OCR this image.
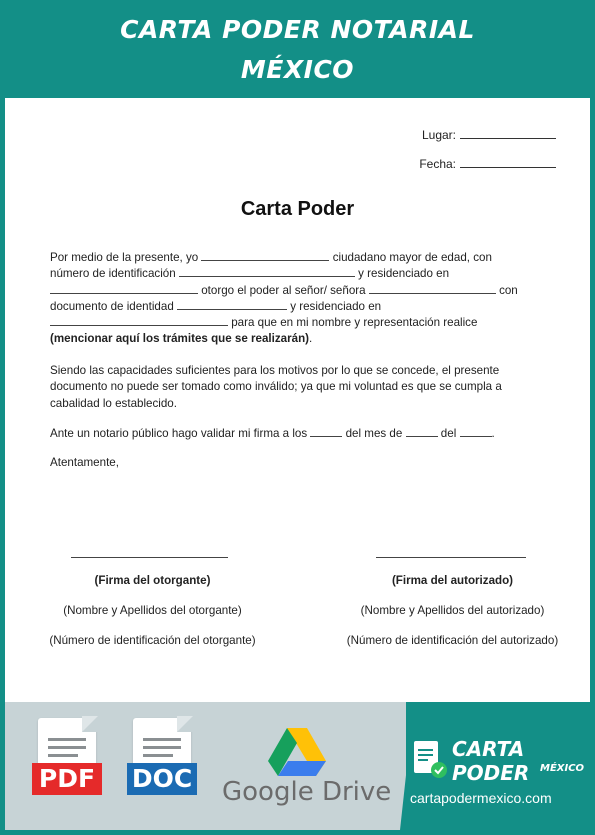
CARTA PODER NOTARIAL
MÉXICO
Lugar:
Fecha:
Carta Poder
Por medio de la presente, yo	ciudadano mayor de edad, con
número de identificación	y residenciado en
otorgo el poder al señor/ señora	con
documento de identidad	y residenciado en
para que en mi nombre y representación realice
(mencionar aquí los trámites que se realizarán).
Siendo las capacidades suficientes para los motivos por lo que se concede, el presente documento no puede ser tomado como inválido; ya que mi voluntad es que se cumpla a cabalidad lo establecido.
Ante un notario público hago validar mi firma a los	del mes de	del	.
Atentamente,
(Firma del otorgante)
(Nombre y Apellidos del otorgante)
(Número de identificación del otorgante)
(Firma del autorizado)
(Nombre y Apellidos del autorizado)
(Número de identificación del autorizado)
PDF DOC Google Drive
CARTA PODER	MÉXICO
cartapodermexico.com
